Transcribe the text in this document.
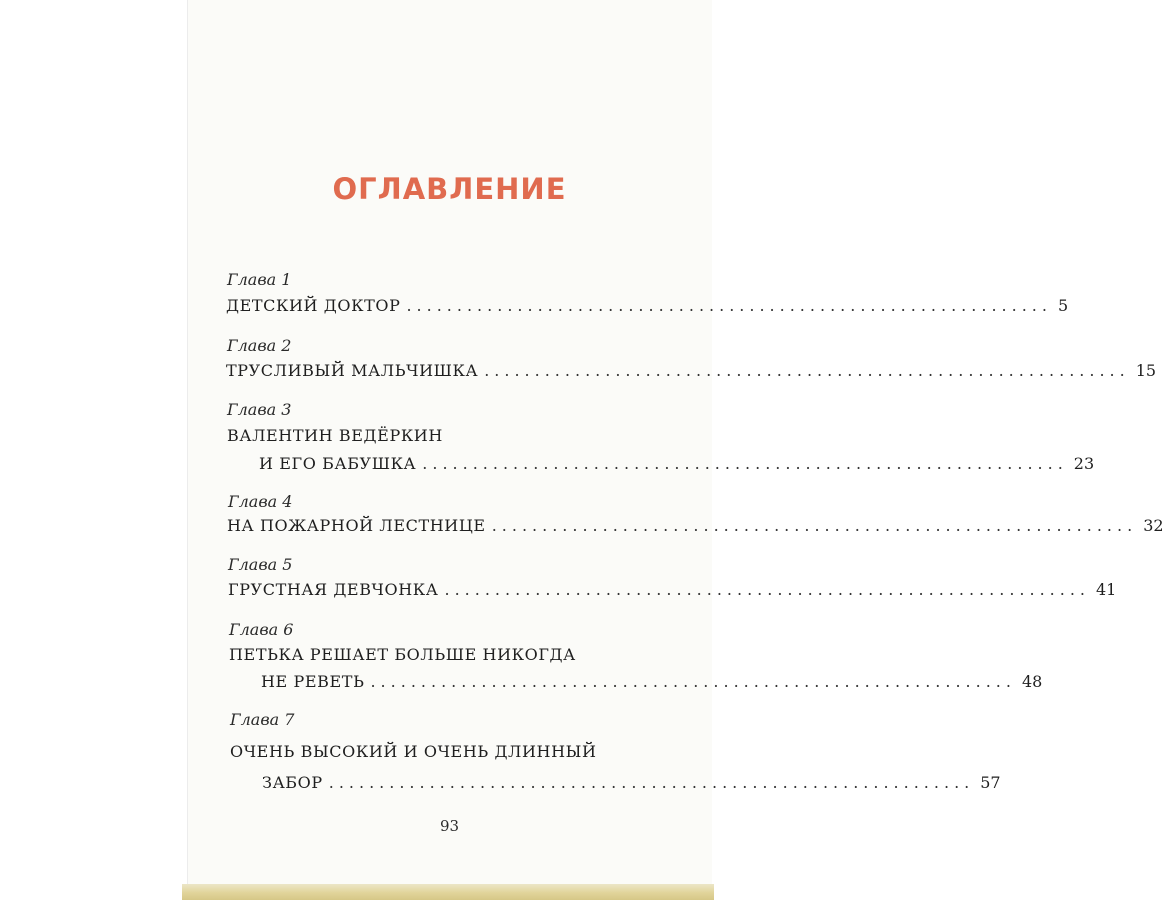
ОГЛАВЛЕНИЕ
Глава 1
ДЕТСКИЙ ДОКТОР ................................................................ 5
Глава 2
ТРУСЛИВЫЙ МАЛЬЧИШКА ................................................................ 15
Глава 3
ВАЛЕНТИН ВЕДЁРКИН
И ЕГО БАБУШКА ................................................................ 23
Глава 4
НА ПОЖАРНОЙ ЛЕСТНИЦЕ ................................................................ 32
Глава 5
ГРУСТНАЯ ДЕВЧОНКА ................................................................ 41
Глава 6
ПЕТЬКА РЕШАЕТ БОЛЬШЕ НИКОГДА
НЕ РЕВЕТЬ ................................................................ 48
Глава 7
ОЧЕНЬ ВЫСОКИЙ И ОЧЕНЬ ДЛИННЫЙ
ЗАБОР ................................................................ 57
93
